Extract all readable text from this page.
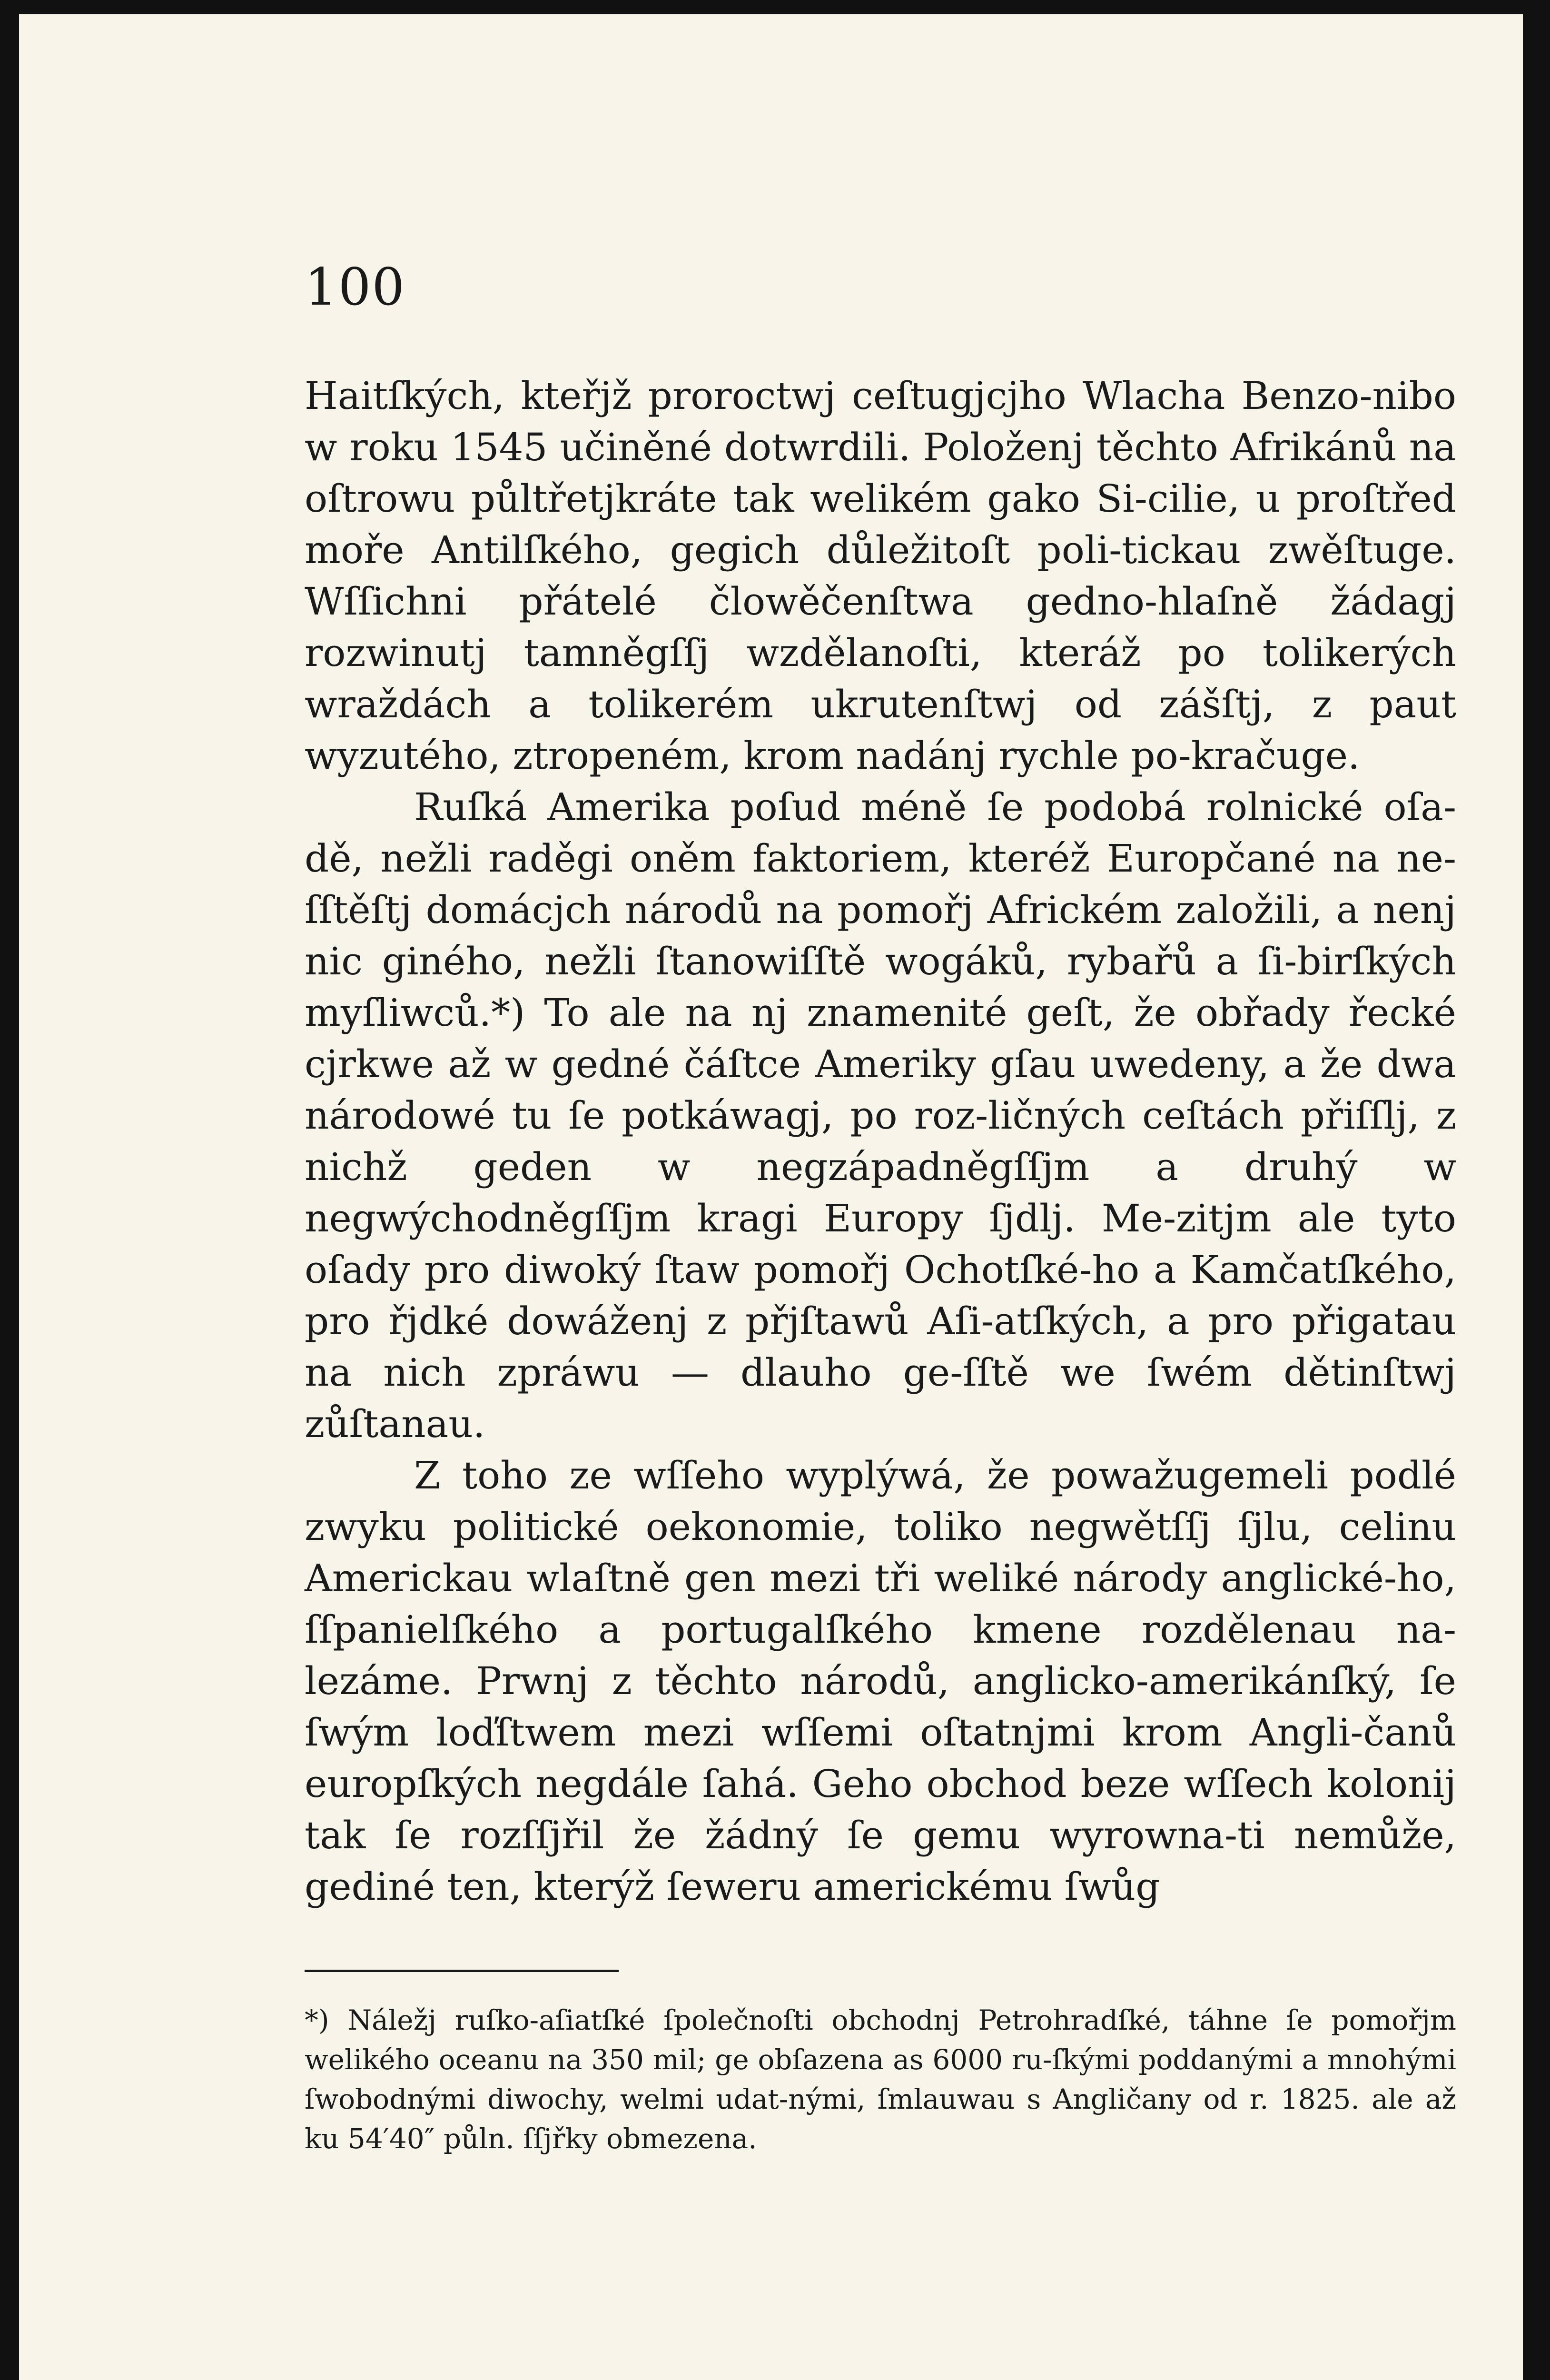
100

Haitſkých, kteřjž proroctwj ceſtugjcjho Wlacha Benzo-nibo w roku 1545 učiněné dotwrdili. Položenj těchto Afrikánů na oſtrowu půltřetjkráte tak welikém gako Si-cilie, u proſtřed moře Antilſkého, gegich důležitoſt poli-tickau zwěſtuge. Wſſichni přátelé člowěčenſtwa gedno-hlaſně žádagj rozwinutj tamněgſſj wzdělanoſti, kteráž po tolikerých wraždách a tolikerém ukrutenſtwj od zášſtj, z paut wyzutého, ztropeném, krom nadánj rychle po-kračuge.

Ruſká Amerika poſud méně ſe podobá rolnické oſa-dě, nežli raděgi oněm faktoriem, kteréž Europčané na ne-ſſtěſtj domácjch národů na pomořj Africkém založili, a nenj nic giného, nežli ſtanowiſſtě wogáků, rybařů a ſi-birſkých myſliwců.*) To ale na nj znamenité geſt, že obřady řecké cjrkwe až w gedné čáſtce Ameriky gſau uwedeny, a že dwa národowé tu ſe potkáwagj, po roz-ličných ceſtách přiſſlj, z nichž geden w negzápadněgſſjm a druhý w negwýchodněgſſjm kragi Europy ſjdlj. Me-zitjm ale tyto oſady pro diwoký ſtaw pomořj Ochotſké-ho a Kamčatſkého, pro řjdké dowáženj z přjſtawů Aſi-atſkých, a pro přigatau na nich zpráwu — dlauho ge-ſſtě we ſwém dětinſtwj zůſtanau.

Z toho ze wſſeho wyplýwá, že powažugemeli podlé zwyku politické oekonomie, toliko negwětſſj ſjlu, celinu Americkau wlaſtně gen mezi tři weliké národy anglické-ho, ſſpanielſkého a portugalſkého kmene rozdělenau na-lezáme. Prwnj z těchto národů, anglicko-amerikánſký, ſe ſwým loďſtwem mezi wſſemi oſtatnjmi krom Angli-čanů europſkých negdále ſahá. Geho obchod beze wſſech kolonij tak ſe rozſſjřil že žádný ſe gemu wyrowna-ti nemůže, gediné ten, kterýž ſeweru americkému ſwůg

*) Náležj ruſko-aſiatſké ſpolečnoſti obchodnj Petrohradſké, táhne ſe pomořjm welikého oceanu na 350 mil; ge obſazena as 6000 ru-ſkými poddanými a mnohými ſwobodnými diwochy, welmi udat-nými, ſmlauwau s Angličany od r. 1825. ale až ku 54′40″ půln. ſſjřky obmezena.
